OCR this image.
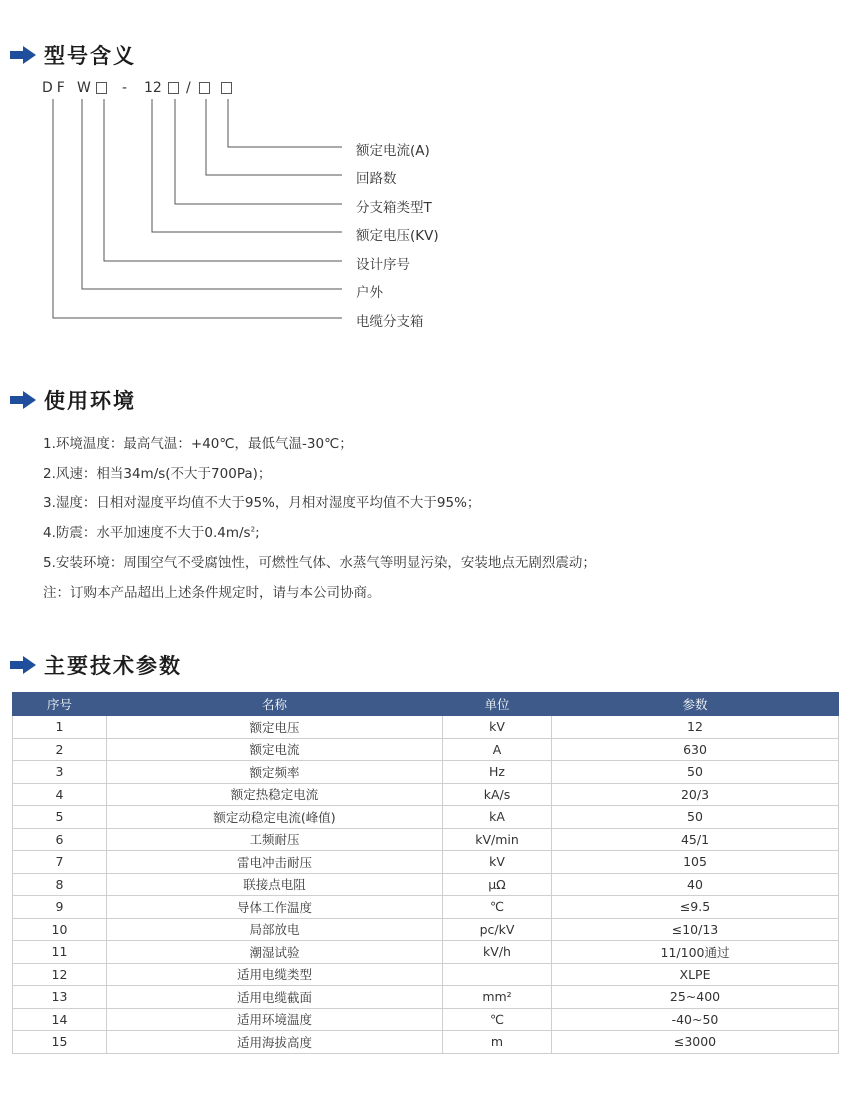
型号含义
DF W - 12 /
额定电流(A)
回路数
分支箱类型T
额定电压(KV)
设计序号
户外
电缆分支箱
使用环境
1.环境温度：最高气温：+40℃，最低气温-30℃；
2.风速：相当34m/s(不大于700Pa)；
3.湿度：日相对湿度平均值不大于95%，月相对湿度平均值不大于95%；
4.防震：水平加速度不大于$0.4m/s^2$;
5.安装环境：周围空气不受腐蚀性，可燃性气体、水蒸气等明显污染，安装地点无剧烈震动；
注：订购本产品超出上述条件规定时，请与本公司协商。
主要技术参数
序号	名称	单位	参数
1	额定电压	kV	12
2	额定电流	A	630
3	额定频率	Hz	50
4	额定热稳定电流	kA/s	20/3
5	额定动稳定电流(峰值)	kA	50
6	工频耐压	kV/min	45/1
7	雷电冲击耐压	kV	105
8	联接点电阻	μΩ	40
9	导体工作温度	℃	≤9.5
10	局部放电	pc/kV	≤10/13
11	潮湿试验	kV/h	11/100通过
12	适用电缆类型		XLPE
13	适用电缆截面	mm²	25~400
14	适用环境温度	℃	-40~50
15	适用海拔高度	m	≤3000
